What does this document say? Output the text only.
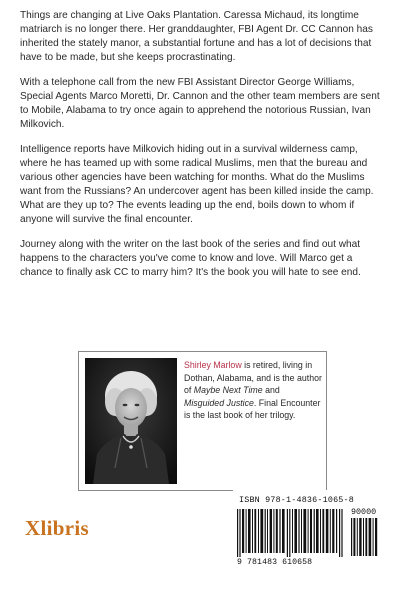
Things are changing at Live Oaks Plantation. Caressa Michaud, its longtime matriarch is no longer there. Her granddaughter, FBI Agent Dr. CC Cannon has inherited the stately manor, a substantial fortune and has a lot of decisions that have to be made, but she keeps procrastinating.

With a telephone call from the new FBI Assistant Director George Williams, Special Agents Marco Moretti, Dr. Cannon and the other team members are sent to Mobile, Alabama to try once again to apprehend the notorious Russian, Ivan Milkovich.

Intelligence reports have Milkovich hiding out in a survival wilderness camp, where he has teamed up with some radical Muslims, men that the bureau and various other agencies have been watching for months. What do the Muslims want from the Russians? An undercover agent has been killed inside the camp. What are they up to? The events leading up the end, boils down to whom if anyone will survive the final encounter.

Journey along with the writer on the last book of the series and find out what happens to the characters you've come to know and love. Will Marco get a chance to finally ask CC to marry him? It's the book you will hate to see end.

Shirley Marlow is retired, living in Dothan, Alabama, and is the author of Maybe Next Time and Misguided Justice. Final Encounter is the last book of her trilogy.
Xlibris
ISBN 978-1-4836-1065-8
90000
9 781483 610658
